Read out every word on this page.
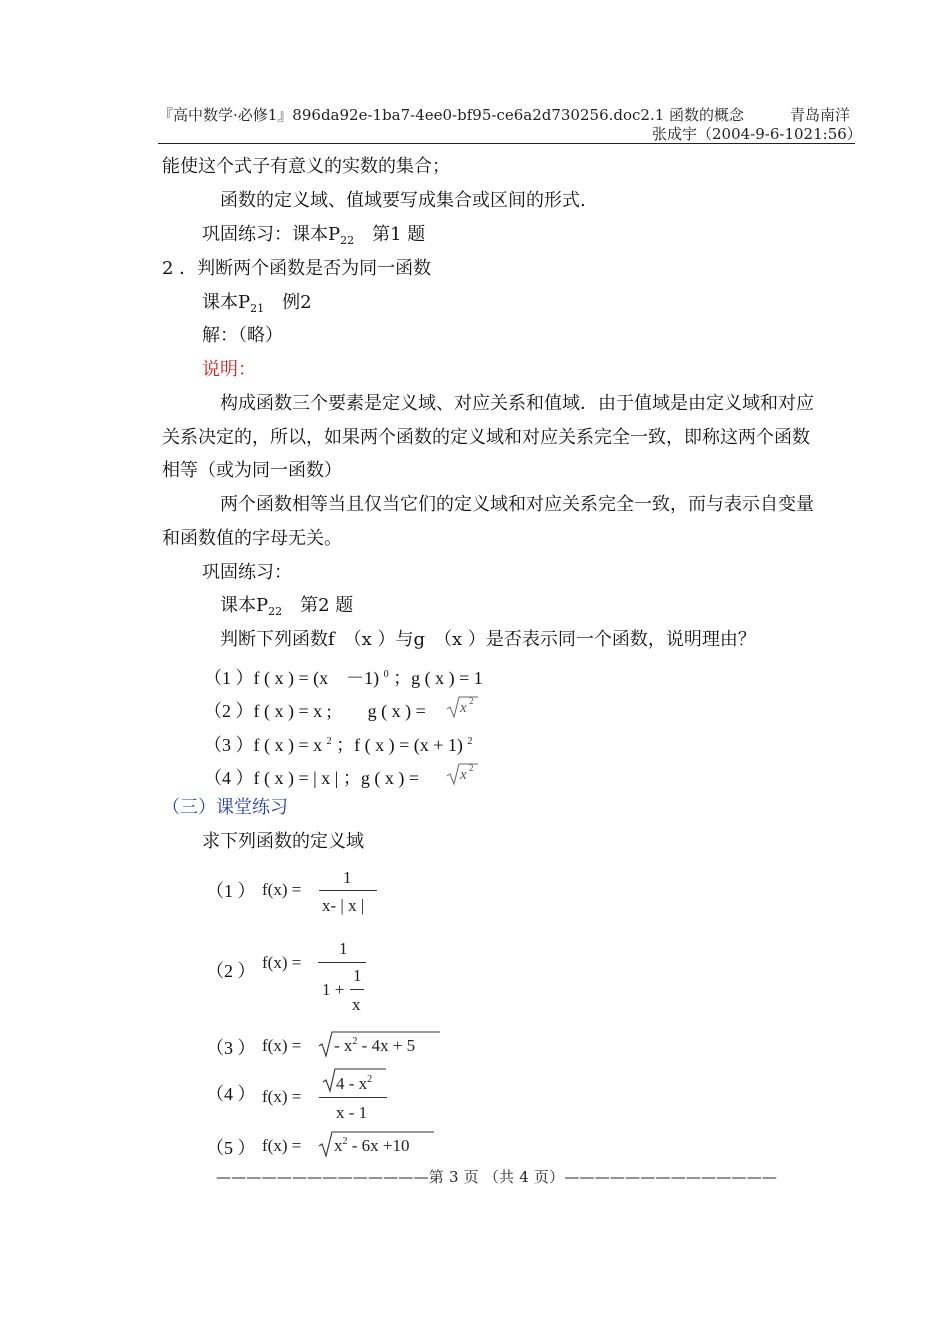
『高中数学·必修1』896da92e-1ba7-4ee0-bf95-ce6a2d730256.doc2.1 函数的概念	青岛南洋
张成宇（2004-9-6-1021:56）
能使这个式子有意义的实数的集合；
函数的定义域、值域要写成集合或区间的形式.
巩固练习：课本$P_{22}$　第1 题
2 ．判断两个函数是否为同一函数
课本$P_{21}$　例2
解：（略）
说明：
构成函数三个要素是定义域、对应关系和值域．由于值域是由定义域和对应
关系决定的，所以，如果两个函数的定义域和对应关系完全一致，即称这两个函数
相等（或为同一函数）
两个函数相等当且仅当它们的定义域和对应关系完全一致，而与表示自变量
和函数值的字母无关。
巩固练习：
课本$P_{22}$　第2 题
判断下列函数f　（x ）与g　（x ）是否表示同一个函数，说明理由？
（1 ）f ( x ) = (x　－1) $^0$ ；g ( x ) = 1
（2 ）f ( x ) = x ;　　g ( x ) = x 2
（3 ）f ( x ) = x $^2$ ；f ( x ) = (x + 1) $^2$
（4 ）f ( x ) = | x | ；g ( x ) =	x 2
（三）课堂练习
求下列函数的定义域
（1 ） f(x) =
1
x- | x |
（2 ） f(x) =
1
1 +
1
x
（3 ） f(x) = - $x^2 - 4x + 5$
（4 ） f(x) =
$4 - x^2$
x - 1
（5 ） $f(x) = x^2 - 6x +10$
——————————————第 3 页 （共 4 页）——————————————
